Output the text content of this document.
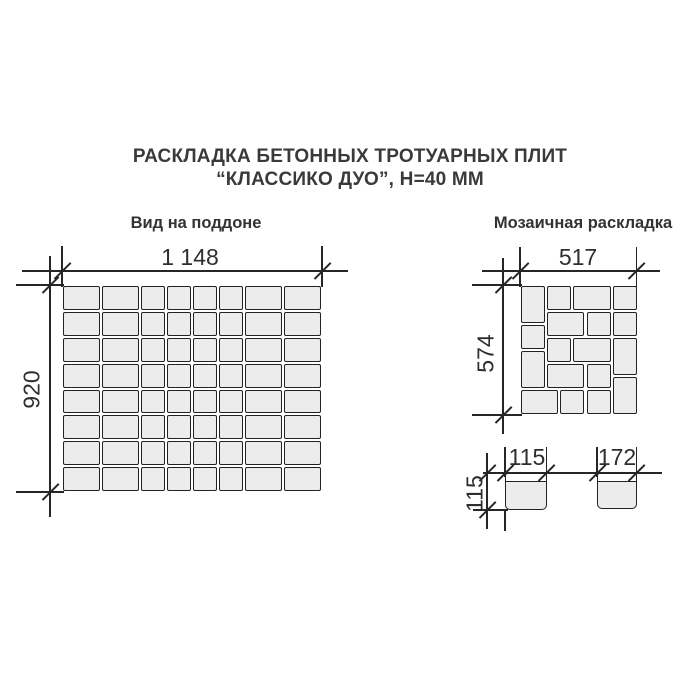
РАСКЛАДКА БЕТОННЫХ ТРОТУАРНЫХ ПЛИТ
“КЛАССИКО ДУО”, Н=40 ММ
Вид на поддоне
1 148
920
Мозаичная раскладка
517
574
115
115
172
